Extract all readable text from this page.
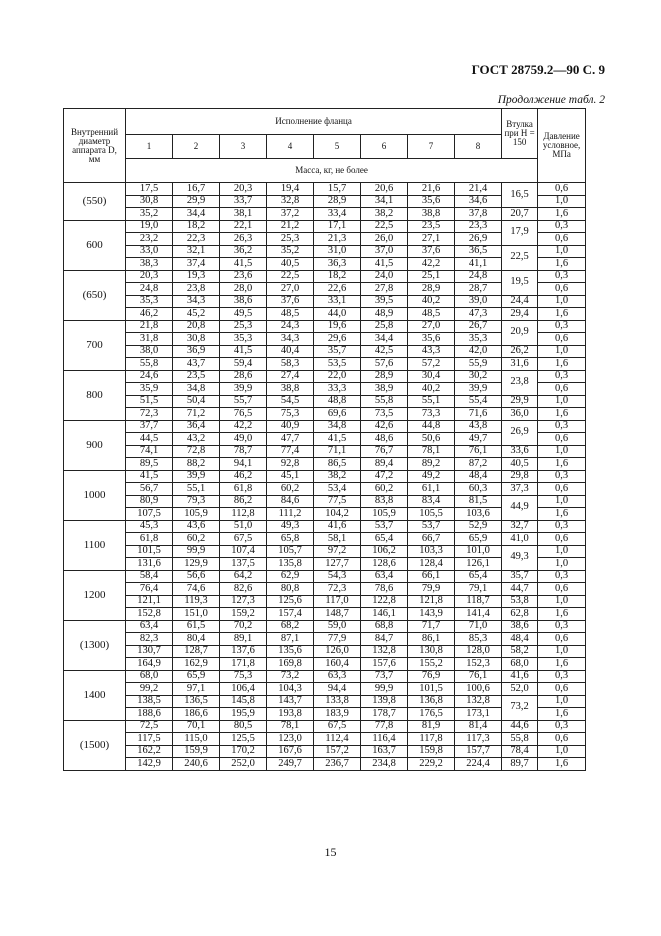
ГОСТ 28759.2—90 С. 9
Продолжение табл. 2
Внутренний диаметр аппарата D, мм	Исполнение фланца								Втулка при H = 150	Давление условное, МПа
	1	2	3	4	5	6	7	8		
	Масса, кг, не более									
(550)	17,5	16,7	20,3	19,4	15,7	20,6	21,6	21,4	16,5	0,6
	30,8	29,9	33,7	32,8	28,9	34,1	35,6	34,6		1,0
	35,2	34,4	38,1	37,2	33,4	38,2	38,8	37,8	20,7	1,6
600	19,0	18,2	22,1	21,2	17,1	22,5	23,5	23,3	17,9	0,3
	23,2	22,3	26,3	25,3	21,3	26,0	27,1	26,9		0,6
	33,0	32,1	36,2	35,2	31,0	37,0	37,6	36,5	22,5	1,0
	38,3	37,4	41,5	40,5	36,3	41,5	42,2	41,1		1,6
(650)	20,3	19,3	23,6	22,5	18,2	24,0	25,1	24,8	19,5	0,3
	24,8	23,8	28,0	27,0	22,6	27,8	28,9	28,7		0,6
	35,3	34,3	38,6	37,6	33,1	39,5	40,2	39,0	24,4	1,0
	46,2	45,2	49,5	48,5	44,0	48,9	48,5	47,3	29,4	1,6
700	21,8	20,8	25,3	24,3	19,6	25,8	27,0	26,7	20,9	0,3
	31,8	30,8	35,3	34,3	29,6	34,4	35,6	35,3		0,6
	38,0	36,9	41,5	40,4	35,7	42,5	43,3	42,0	26,2	1,0
	55,8	43,7	59,4	58,3	53,5	57,6	57,2	55,9	31,6	1,6
800	24,6	23,5	28,6	27,4	22,0	28,9	30,4	30,2	23,8	0,3
	35,9	34,8	39,9	38,8	33,3	38,9	40,2	39,9		0,6
	51,5	50,4	55,7	54,5	48,8	55,8	55,1	55,4	29,9	1,0
	72,3	71,2	76,5	75,3	69,6	73,5	73,3	71,6	36,0	1,6
900	37,7	36,4	42,2	40,9	34,8	42,6	44,8	43,8	26,9	0,3
	44,5	43,2	49,0	47,7	41,5	48,6	50,6	49,7		0,6
	74,1	72,8	78,7	77,4	71,1	76,7	78,1	76,1	33,6	1,0
	89,5	88,2	94,1	92,8	86,5	89,4	89,2	87,2	40,5	1,6
1000	41,5	39,9	46,2	45,1	38,2	47,2	49,2	48,4	29,8	0,3
	56,7	55,1	61,8	60,2	53,4	60,2	61,1	60,3	37,3	0,6
	80,9	79,3	86,2	84,6	77,5	83,8	83,4	81,5	44,9	1,0
	107,5	105,9	112,8	111,2	104,2	105,9	105,5	103,6		1,6
1100	45,3	43,6	51,0	49,3	41,6	53,7	53,7	52,9	32,7	0,3
	61,8	60,2	67,5	65,8	58,1	65,4	66,7	65,9	41,0	0,6
	101,5	99,9	107,4	105,7	97,2	106,2	103,3	101,0	49,3	1,0
	131,6	129,9	137,5	135,8	127,7	128,6	128,4	126,1		1,0
1200	58,4	56,6	64,2	62,9	54,3	63,4	66,1	65,4	35,7	0,3
	76,4	74,6	82,6	80,8	72,3	78,6	79,9	79,1	44,7	0,6
	121,1	119,3	127,3	125,6	117,0	122,8	121,8	118,7	53,8	1,0
	152,8	151,0	159,2	157,4	148,7	146,1	143,9	141,4	62,8	1,6
(1300)	63,4	61,5	70,2	68,2	59,0	68,8	71,7	71,0	38,6	0,3
	82,3	80,4	89,1	87,1	77,9	84,7	86,1	85,3	48,4	0,6
	130,7	128,7	137,6	135,6	126,0	132,8	130,8	128,0	58,2	1,0
	164,9	162,9	171,8	169,8	160,4	157,6	155,2	152,3	68,0	1,6
1400	68,0	65,9	75,3	73,2	63,3	73,7	76,9	76,1	41,6	0,3
	99,2	97,1	106,4	104,3	94,4	99,9	101,5	100,6	52,0	0,6
	138,5	136,5	145,8	143,7	133,8	139,8	136,8	132,8	73,2	1,0
	188,6	186,6	195,9	193,8	183,9	178,7	176,5	173,1		1,6
(1500)	72,5	70,1	80,5	78,1	67,5	77,8	81,9	81,4	44,6	0,3
	117,5	115,0	125,5	123,0	112,4	116,4	117,8	117,3	55,8	0,6
	162,2	159,9	170,2	167,6	157,2	163,7	159,8	157,7	78,4	1,0
	142,9	240,6	252,0	249,7	236,7	234,8	229,2	224,4	89,7	1,6
15
